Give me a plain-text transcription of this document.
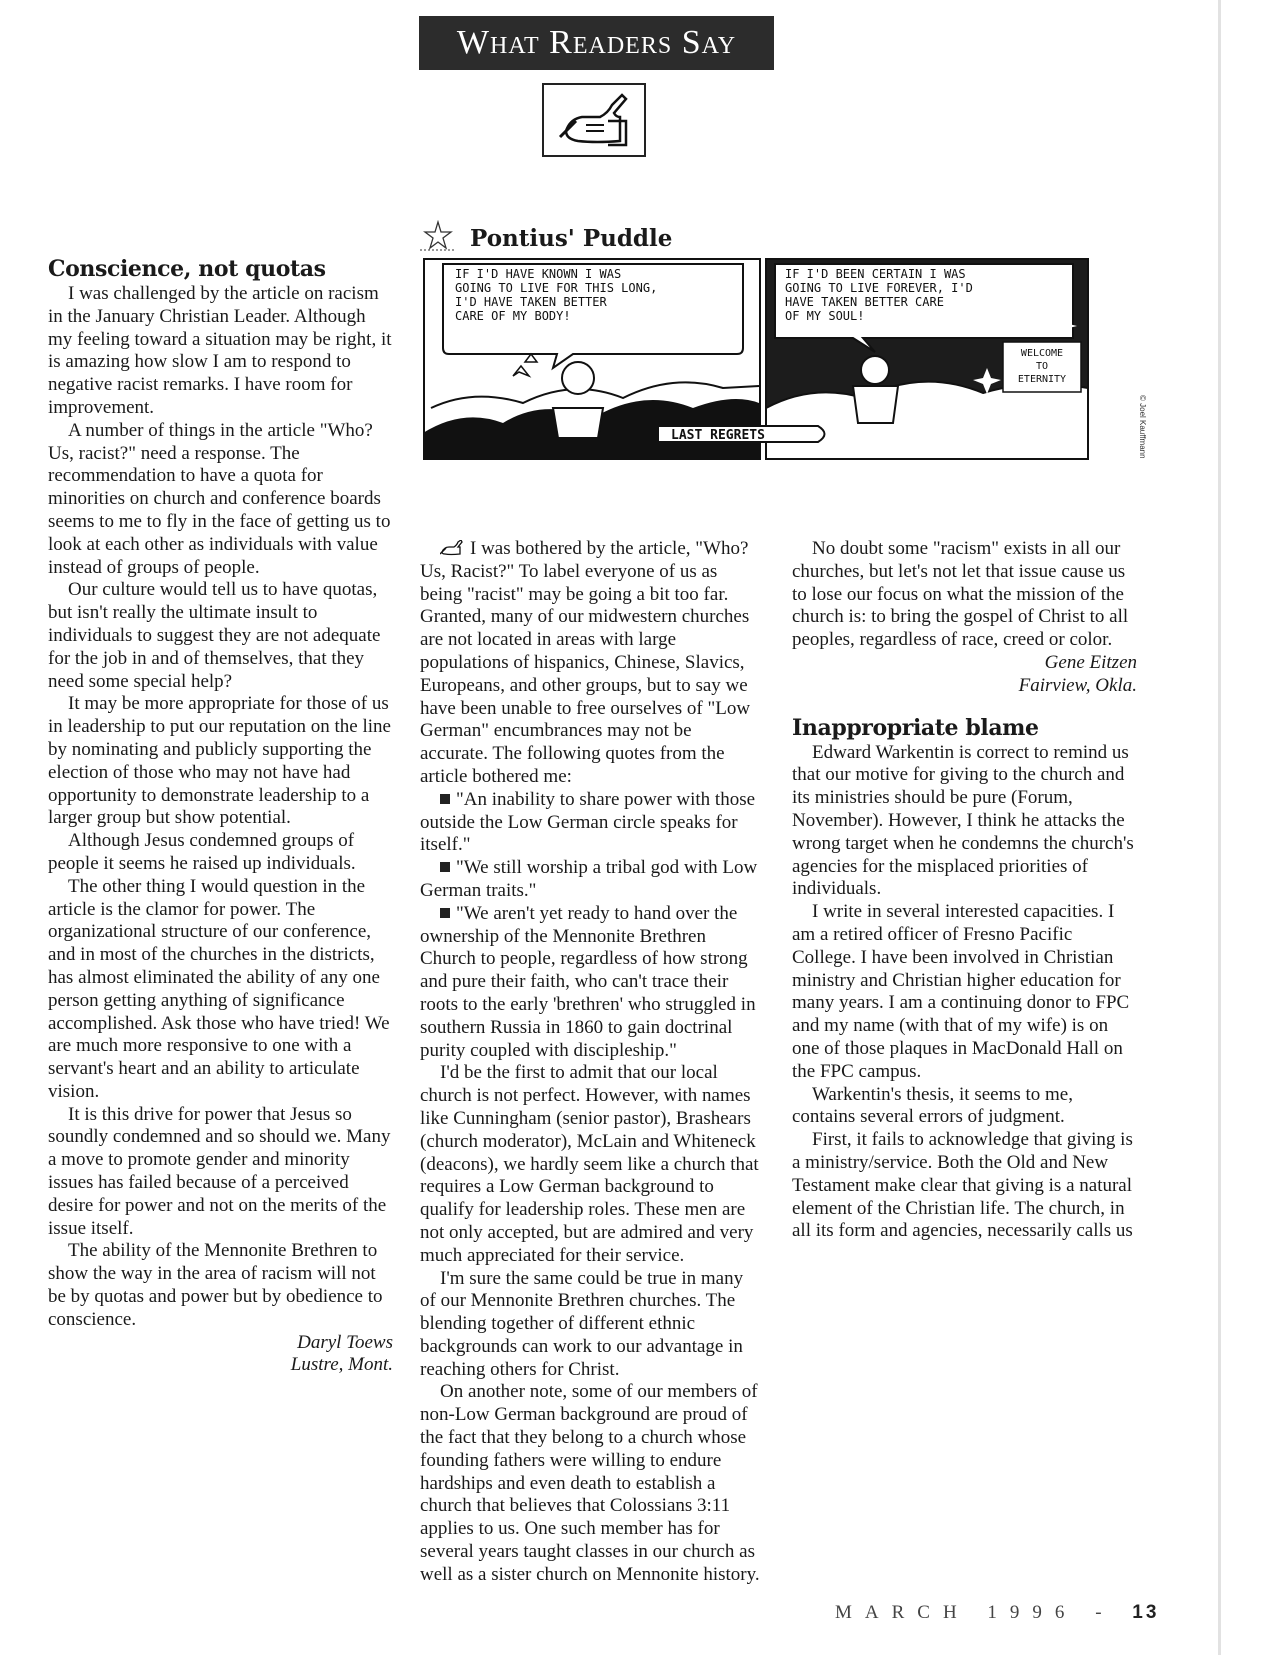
What Readers Say
Pontius' Puddle
IF I'D HAVE KNOWN I WAS
GOING TO LIVE FOR THIS LONG,
I'D HAVE TAKEN BETTER
CARE OF MY BODY!
IF I'D BEEN CERTAIN I WAS
GOING TO LIVE FOREVER, I'D
HAVE TAKEN BETTER CARE
OF MY SOUL!
WELCOME
TO
ETERNITY
LAST REGRETS	© Joel Kauffmann
Conscience, not quotas

I was challenged by the article on racism in the January Christian Leader. Although my feeling toward a situation may be right, it is amazing how slow I am to respond to negative racist remarks. I have room for improvement.

A number of things in the article "Who? Us, racist?" need a response. The recommendation to have a quota for minorities on church and conference boards seems to me to fly in the face of getting us to look at each other as individuals with value instead of groups of people.

Our culture would tell us to have quotas, but isn't really the ultimate insult to individuals to suggest they are not adequate for the job in and of themselves, that they need some special help?

It may be more appropriate for those of us in leadership to put our reputation on the line by nominating and publicly supporting the election of those who may not have had opportunity to demonstrate leadership to a larger group but show potential.

Although Jesus condemned groups of people it seems he raised up individuals.

The other thing I would question in the article is the clamor for power. The organizational structure of our conference, and in most of the churches in the districts, has almost eliminated the ability of any one person getting anything of significance accomplished. Ask those who have tried! We are much more responsive to one with a servant's heart and an ability to articulate vision.

It is this drive for power that Jesus so soundly condemned and so should we. Many a move to promote gender and minority issues has failed because of a perceived desire for power and not on the merits of the issue itself.

The ability of the Mennonite Brethren to show the way in the area of racism will not be by quotas and power but by obedience to conscience.

Daryl Toews
Lustre, Mont.

I was bothered by the article, "Who? Us, Racist?" To label everyone of us as being "racist" may be going a bit too far. Granted, many of our midwestern churches are not located in areas with large populations of hispanics, Chinese, Slavics, Europeans, and other groups, but to say we have been unable to free ourselves of "Low German" encumbrances may not be accurate. The following quotes from the article bothered me:

"An inability to share power with those outside the Low German circle speaks for itself."

"We still worship a tribal god with Low German traits."

"We aren't yet ready to hand over the ownership of the Mennonite Brethren Church to people, regardless of how strong and pure their faith, who can't trace their roots to the early 'brethren' who struggled in southern Russia in 1860 to gain doctrinal purity coupled with discipleship."

I'd be the first to admit that our local church is not perfect. However, with names like Cunningham (senior pastor), Brashears (church moderator), McLain and Whiteneck (deacons), we hardly seem like a church that requires a Low German background to qualify for leadership roles. These men are not only accepted, but are admired and very much appreciated for their service.

I'm sure the same could be true in many of our Mennonite Brethren churches. The blending together of different ethnic backgrounds can work to our advantage in reaching others for Christ.

On another note, some of our members of non-Low German background are proud of the fact that they belong to a church whose founding fathers were willing to endure hardships and even death to establish a church that believes that Colossians 3:11 applies to us. One such member has for several years taught classes in our church as well as a sister church on Mennonite history.

No doubt some "racism" exists in all our churches, but let's not let that issue cause us to lose our focus on what the mission of the church is: to bring the gospel of Christ to all peoples, regardless of race, creed or color.

Gene Eitzen
Fairview, Okla.
Inappropriate blame

Edward Warkentin is correct to remind us that our motive for giving to the church and its ministries should be pure (Forum, November). However, I think he attacks the wrong target when he condemns the church's agencies for the misplaced priorities of individuals.

I write in several interested capacities. I am a retired officer of Fresno Pacific College. I have been involved in Christian ministry and Christian higher education for many years. I am a continuing donor to FPC and my name (with that of my wife) is on one of those plaques in MacDonald Hall on the FPC campus.

Warkentin's thesis, it seems to me, contains several errors of judgment.

First, it fails to acknowledge that giving is a ministry/service. Both the Old and New Testament make clear that giving is a natural element of the Christian life. The church, in all its form and agencies, necessarily calls us

MARCH 1996 - 13
